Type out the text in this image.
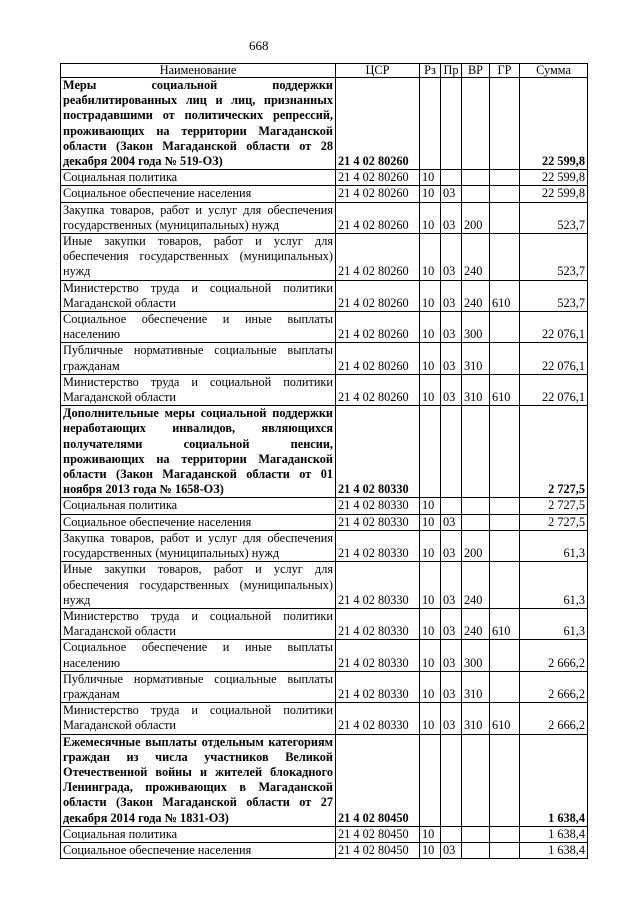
668
Наименование	ЦСР	Рз	Пр	ВР	ГР	Сумма
Меры социальной поддержки реабилитированных лиц и лиц, признанных пострадавшими от политических репрессий, проживающих на территории Магаданской области (Закон Магаданской области от 28 декабря 2004 года № 519-ОЗ)	21 4 02 80260					22 599,8
Социальная политика	21 4 02 80260	10				22 599,8
Социальное обеспечение населения	21 4 02 80260	10	03			22 599,8
Закупка товаров, работ и услуг для обеспечения государственных (муниципальных) нужд	21 4 02 80260	10	03	200		523,7
Иные закупки товаров, работ и услуг для обеспечения государственных (муниципальных) нужд	21 4 02 80260	10	03	240		523,7
Министерство труда и социальной политики Магаданской области	21 4 02 80260	10	03	240	610	523,7
Социальное обеспечение и иные выплаты населению	21 4 02 80260	10	03	300		22 076,1
Публичные нормативные социальные выплаты гражданам	21 4 02 80260	10	03	310		22 076,1
Министерство труда и социальной политики Магаданской области	21 4 02 80260	10	03	310	610	22 076,1
Дополнительные меры социальной поддержки неработающих инвалидов, являющихся получателями социальной пенсии, проживающих на территории Магаданской области (Закон Магаданской области от 01 ноября 2013 года № 1658-ОЗ)	21 4 02 80330					2 727,5
Социальная политика	21 4 02 80330	10				2 727,5
Социальное обеспечение населения	21 4 02 80330	10	03			2 727,5
Закупка товаров, работ и услуг для обеспечения государственных (муниципальных) нужд	21 4 02 80330	10	03	200		61,3
Иные закупки товаров, работ и услуг для обеспечения государственных (муниципальных) нужд	21 4 02 80330	10	03	240		61,3
Министерство труда и социальной политики Магаданской области	21 4 02 80330	10	03	240	610	61,3
Социальное обеспечение и иные выплаты населению	21 4 02 80330	10	03	300		2 666,2
Публичные нормативные социальные выплаты гражданам	21 4 02 80330	10	03	310		2 666,2
Министерство труда и социальной политики Магаданской области	21 4 02 80330	10	03	310	610	2 666,2
Ежемесячные выплаты отдельным категориям граждан из числа участников Великой Отечественной войны и жителей блокадного Ленинграда, проживающих в Магаданской области (Закон Магаданской области от 27 декабря 2014 года № 1831-ОЗ)	21 4 02 80450					1 638,4
Социальная политика	21 4 02 80450	10				1 638,4
Социальное обеспечение населения	21 4 02 80450	10	03			1 638,4
